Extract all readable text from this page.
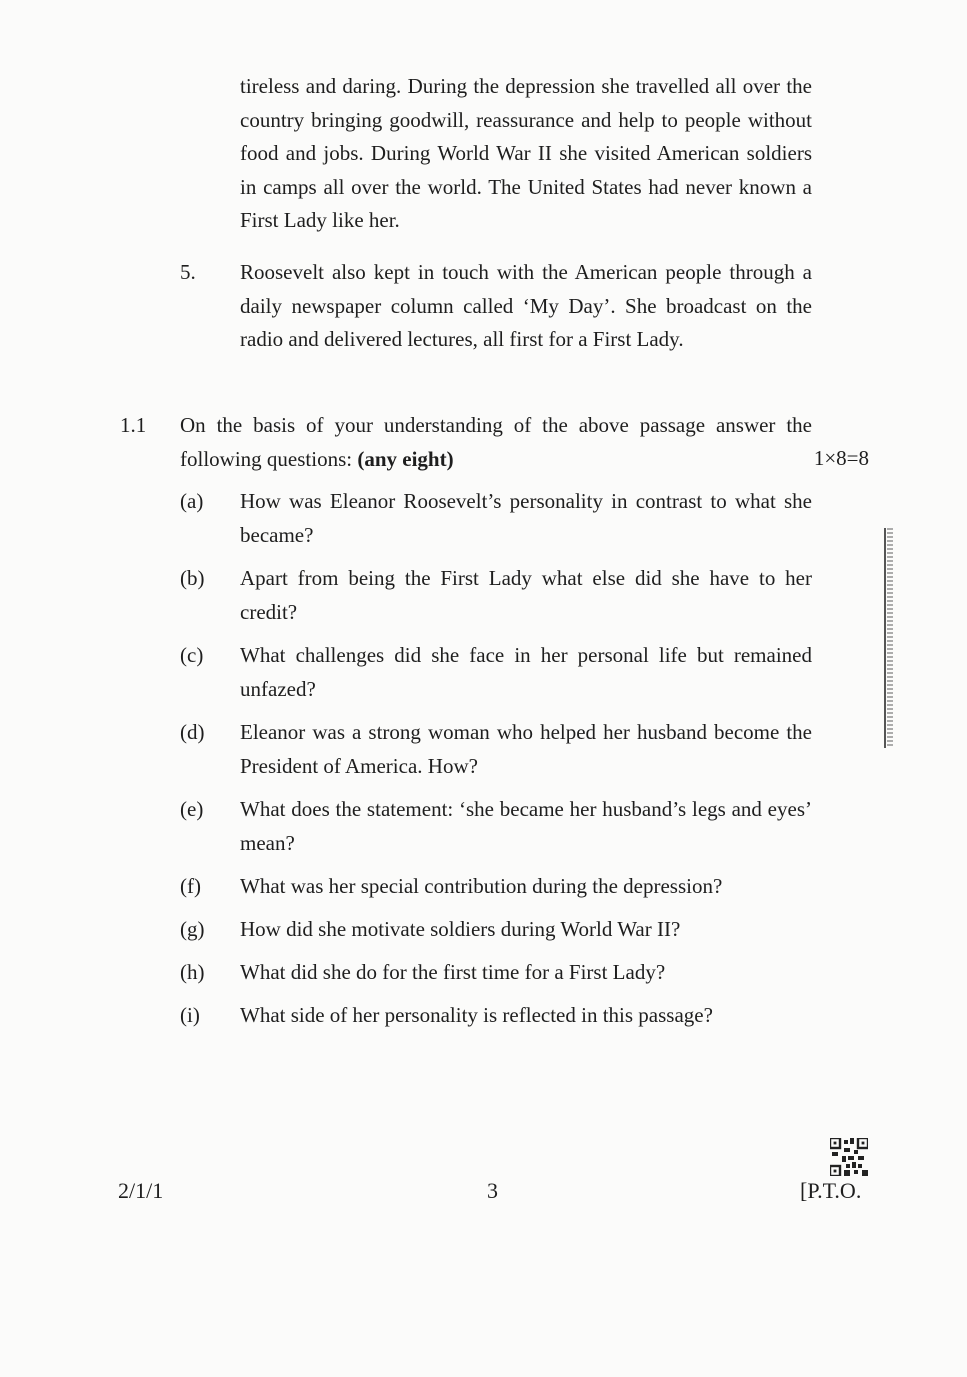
tireless and daring. During the depression she travelled all over the country bringing goodwill, reassurance and help to people without food and jobs. During World War II she visited American soldiers in camps all over the world. The United States had never known a First Lady like her.
5. Roosevelt also kept in touch with the American people through a daily newspaper column called ‘My Day’. She broadcast on the radio and delivered lectures, all first for a First Lady.
1.1 On the basis of your understanding of the above passage answer the following questions: (any eight)	1×8=8
(a) How was Eleanor Roosevelt’s personality in contrast to what she became?
(b) Apart from being the First Lady what else did she have to her credit?
(c) What challenges did she face in her personal life but remained unfazed?
(d) Eleanor was a strong woman who helped her husband become the President of America. How?
(e) What does the statement: ‘she became her husband’s legs and eyes’ mean?
(f) What was her special contribution during the depression?
(g) How did she motivate soldiers during World War II?
(h) What did she do for the first time for a First Lady?
(i) What side of her personality is reflected in this passage?
2/1/1	3	[P.T.O.
